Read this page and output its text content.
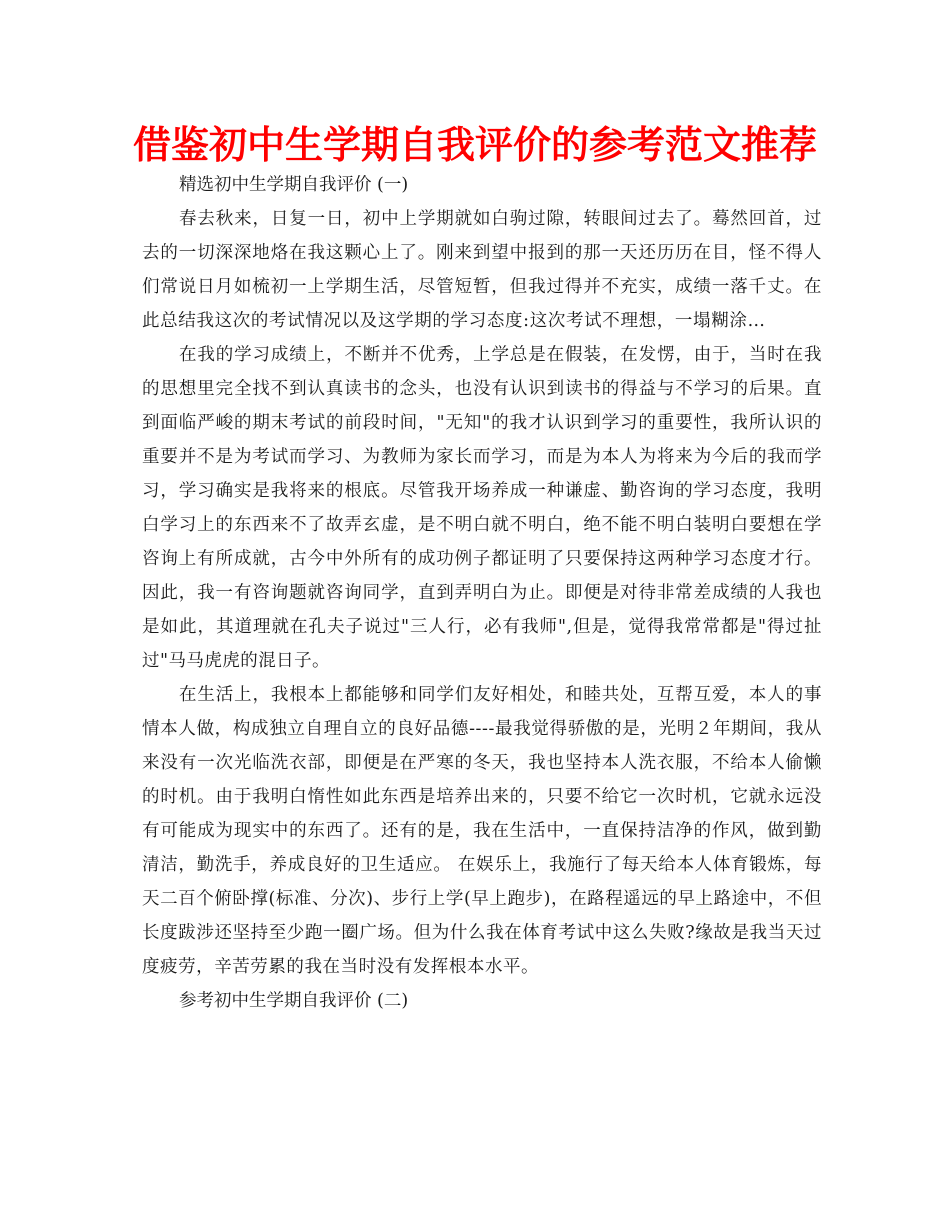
借鉴初中生学期自我评价的参考范文推荐

精选初中生学期自我评价 (一)

春去秋来，日复一日，初中上学期就如白驹过隙，转眼间过去了。蓦然回首，过去的一切深深地烙在我这颗心上了。刚来到望中报到的那一天还历历在目，怪不得人们常说日月如梳初一上学期生活，尽管短暂，但我过得并不充实，成绩一落千丈。在此总结我这次的考试情况以及这学期的学习态度:这次考试不理想，一塌糊涂…

在我的学习成绩上，不断并不优秀，上学总是在假装，在发愣，由于，当时在我的思想里完全找不到认真读书的念头，也没有认识到读书的得益与不学习的后果。直到面临严峻的期末考试的前段时间，"无知"的我才认识到学习的重要性，我所认识的重要并不是为考试而学习、为教师为家长而学习，而是为本人为将来为今后的我而学习，学习确实是我将来的根底。尽管我开场养成一种谦虚、勤咨询的学习态度，我明白学习上的东西来不了故弄玄虚，是不明白就不明白，绝不能不明白装明白要想在学咨询上有所成就，古今中外所有的成功例子都证明了只要保持这两种学习态度才行。因此，我一有咨询题就咨询同学，直到弄明白为止。即便是对待非常差成绩的人我也是如此，其道理就在孔夫子说过"三人行，必有我师",但是，觉得我常常都是"得过扯过"马马虎虎的混日子。

在生活上，我根本上都能够和同学们友好相处，和睦共处，互帮互爱，本人的事情本人做，构成独立自理自立的良好品德----最我觉得骄傲的是，光明２年期间，我从来没有一次光临洗衣部，即便是在严寒的冬天，我也坚持本人洗衣服，不给本人偷懒的时机。由于我明白惰性如此东西是培养出来的，只要不给它一次时机，它就永远没有可能成为现实中的东西了。还有的是，我在生活中，一直保持洁净的作风，做到勤清洁，勤洗手，养成良好的卫生适应。 在娱乐上，我施行了每天给本人体育锻炼，每天二百个俯卧撑(标准、分次)、步行上学(早上跑步)，在路程遥远的早上路途中，不但长度跋涉还坚持至少跑一圈广场。但为什么我在体育考试中这么失败?缘故是我当天过度疲劳，辛苦劳累的我在当时没有发挥根本水平。

参考初中生学期自我评价 (二)
